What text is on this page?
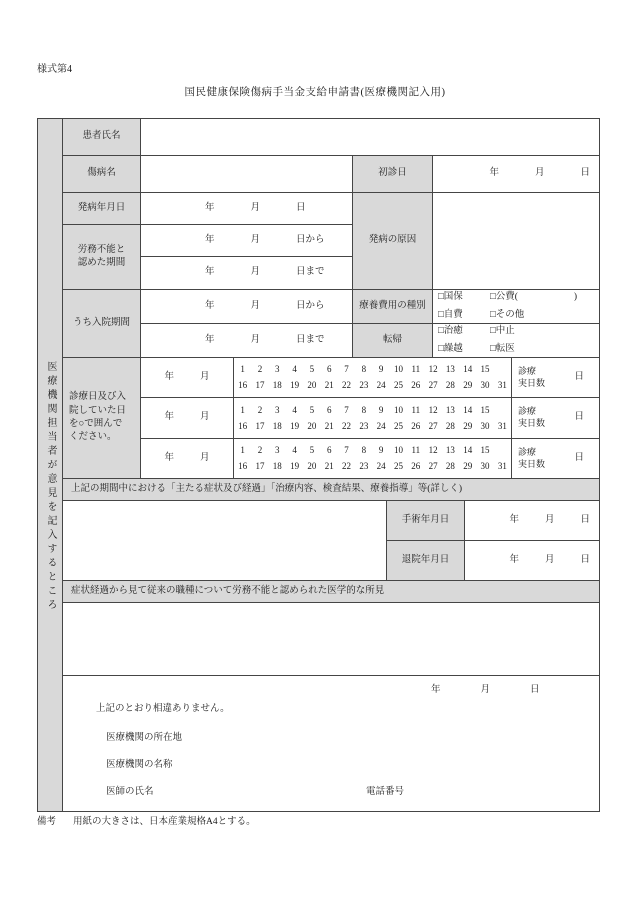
様式第4
国民健康保険傷病手当金支給申請書(医療機関記入用)
医療機関担当者が意見を記入するところ
患者氏名
傷病名	初診日	年	月	日
発病年月日	年	月	日
発病の原因
労務不能と
認めた期間
年	月	日から
年	月	日まで
うち入院期間
年	月	日から
年	月	日まで
療養費用の種別
□ 国保	□ 公費(	)
□ 自費	□ その他
転帰
□ 治癒	□ 中止
□ 繰越	□ 転医
診療日及び入
院していた日
を○で囲んで
ください。
年	月
1 2 3 4 5 6 7 8 9 10 11 12 13 14 15
16 17 18 19 20 21 22 23 24 25 26 27 28 29 30 31
診療
実日数
日
年	月
1 2 3 4 5 6 7 8 9 10 11 12 13 14 15
16 17 18 19 20 21 22 23 24 25 26 27 28 29 30 31
診療
実日数
日
年	月
1 2 3 4 5 6 7 8 9 10 11 12 13 14 15
16 17 18 19 20 21 22 23 24 25 26 27 28 29 30 31
診療
実日数
日
上記の期間中における「主たる症状及び経過」「治療内容、検査結果、療養指導」等(詳しく)
手術年月日	年	月	日
退院年月日	年	月	日
症状経過から見て従来の職種について労務不能と認められた医学的な所見
年	月	日
上記のとおり相違ありません。
医療機関の所在地
医療機関の名称
医師の氏名	電話番号
備考 用紙の大きさは、日本産業規格A4とする。
